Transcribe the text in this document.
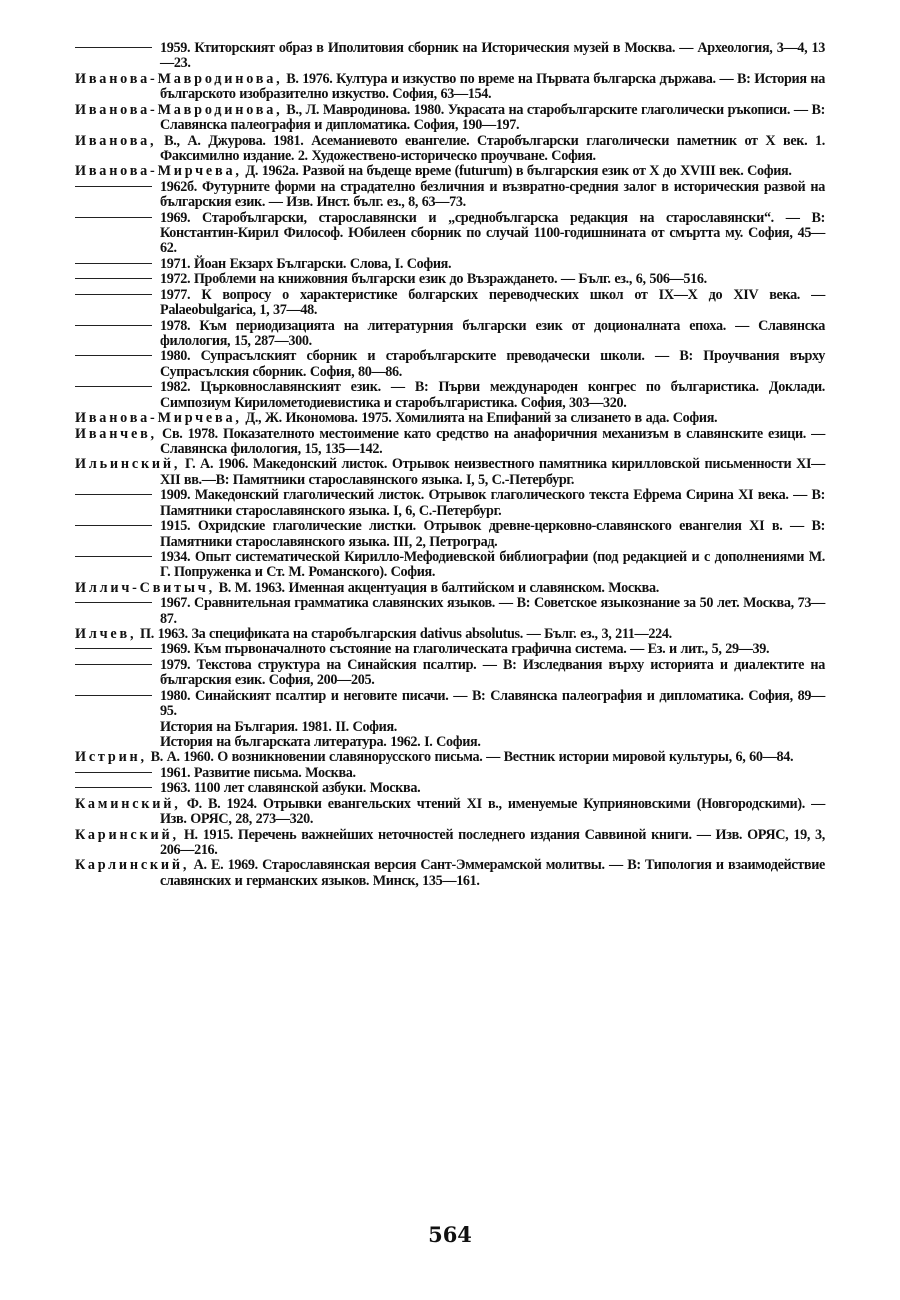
1959. Ктиторският образ в Иполитовия сборник на Историческия музей в Москва. — Археология, 3—4, 13—23.
Иванова-Мавродинова, В. 1976. Култура и изкуство по време на Първата българска държава. — В: История на българското изобразително изкуство. София, 63—154.
Иванова-Мавродинова, В., Л. Мавродинова. 1980. Украсата на старобългарските глаголически ръкописи. — В: Славянска палеография и дипломатика. София, 190—197.
Иванова, В., А. Джурова. 1981. Асеманиевото евангелие. Старобългарски глаголически паметник от X век. 1. Факсимилно издание. 2. Художествено-историческо проучване. София.
Иванова-Мирчева, Д. 1962а. Развой на бъдеще време (futurum) в българския език от X до XVIII век. София.
1962б. Футурните форми на страдателно безличния и възвратно-средния залог в историческия развой на българския език. — Изв. Инст. бълг. ез., 8, 63—73.
1969. Старобългарски, старославянски и „среднобългарска редакция на старославянски“. — В: Константин-Кирил Философ. Юбилеен сборник по случай 1100-годишнината от смъртта му. София, 45—62.
1971. Йоан Екзарх Български. Слова, I. София.
1972. Проблеми на книжовния български език до Възраждането. — Бълг. ез., 6, 506—516.
1977. К вопросу о характеристике болгарских переводческих школ от IX—X до XIV века. — Palaeobulgarica, 1, 37—48.
1978. Към периодизацията на литературния български език от доционалната епоха. — Славянска филология, 15, 287—300.
1980. Супрасълският сборник и старобългарските преводачески школи. — В: Проучвания върху Супрасълския сборник. София, 80—86.
1982. Църковнославянският език. — В: Първи международен конгрес по българистика. Доклади. Симпозиум Кирилометодиевистика и старобългаристика. София, 303—320.
Иванова-Мирчева, Д., Ж. Икономова. 1975. Хомилията на Епифаний за слизането в ада. София.
Иванчев, Св. 1978. Показателното местоимение като средство на анафоричния механизъм в славянските езици. — Славянска филология, 15, 135—142.
Ильинский, Г. А. 1906. Македонский листок. Отрывок неизвестного памятника кирилловской письменности XI—XII вв.—В: Памятники старославянского языка. I, 5, С.-Петербург.
1909. Македонский глаголический листок. Отрывок глаголического текста Ефрема Сирина XI века. — В: Памятники старославянского языка. I, 6, С.-Петербург.
1915. Охридские глаголические листки. Отрывок древне-церковно-славянского евангелия XI в. — В: Памятники старославянского языка. III, 2, Петроград.
1934. Опыт систематической Кирилло-Мефодиевской библиографии (под редакцией и с дополнениями М. Г. Попруженка и Ст. М. Романского). София.
Иллич-Свитыч, В. М. 1963. Именная акцентуация в балтийском и славянском. Москва.
1967. Сравнительная грамматика славянских языков. — В: Советское языкознание за 50 лет. Москва, 73—87.
Илчев, П. 1963. За спецификата на старобългарския dativus absolutus. — Бълг. ез., 3, 211—224.
1969. Към първоначалното състояние на глаголическата графична система. — Ез. и лит., 5, 29—39.
1979. Текстова структура на Синайския псалтир. — В: Изследвания върху историята и диалектите на българския език. София, 200—205.
1980. Синайският псалтир и неговите писачи. — В: Славянска палеография и дипломатика. София, 89—95.
История на България. 1981. II. София.
История на българската литература. 1962. I. София.
Истрин, В. А. 1960. О возникновении славянорусского письма. — Вестник истории мировой культуры, 6, 60—84.
1961. Развитие письма. Москва.
1963. 1100 лет славянской азбуки. Москва.
Каминский, Ф. В. 1924. Отрывки евангельских чтений XI в., именуемые Куприяновскими (Новгородскими). — Изв. ОРЯС, 28, 273—320.
Каринский, Н. 1915. Перечень важнейших неточностей последнего издания Саввиной книги. — Изв. ОРЯС, 19, 3, 206—216.
Карлинский, А. Е. 1969. Старославянская версия Сант-Эммерамской молитвы. — В: Типология и взаимодействие славянских и германских языков. Минск, 135—161.
564
